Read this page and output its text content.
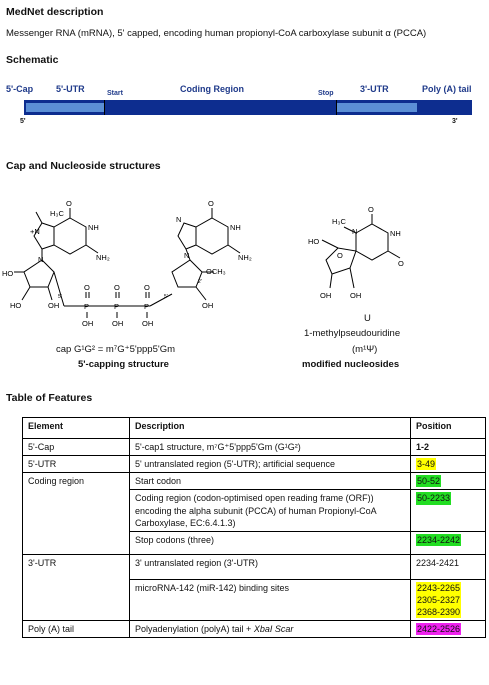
MedNet description
Messenger RNA (mRNA), 5' capped, encoding human propionyl-CoA carboxylase subunit α (PCCA)
Schematic
5'-Cap	5'-UTR	Start	Coding Region	Stop	3'-UTR	Poly (A) tail
5'	3'
Cap and Nucleoside structures
H₃C
+N
O
NH
NH₂
N
HO
HO	OH
5'
O	O	O
P	P	P
OH	OH	OH
5'
2'
OCH₃
OH
O
NH
NH₂
N
N
H₃C
N
O
NH
O
HO
O
OH	OH
cap G¹G² = m⁷G⁺5'ppp5'Gm
5'-capping structure
U
1-methylpseudouridine
(m¹Ψ)
modified nucleosides
Table of Features
Element	Description	Position
5'-Cap	5'-cap1 structure, m⁷G⁺5'ppp5'Gm (G¹G²)	1-2
5'-UTR	5' untranslated region (5'-UTR); artificial sequence	3-49
Coding region	Start codon	50-52
	Coding region (codon-optimised open reading frame (ORF)) encoding the alpha subunit (PCCA) of human Propionyl-CoA Carboxylase, EC:6.4.1.3)	50-2233
	Stop codons (three)	2234-2242
3'-UTR	3' untranslated region (3'-UTR)	2234-2421
	microRNA-142 (miR-142) binding sites	2243-2265
2305-2327
2368-2390
Poly (A) tail	Polyadenylation (polyA) tail + XbaI Scar	2422-2526
